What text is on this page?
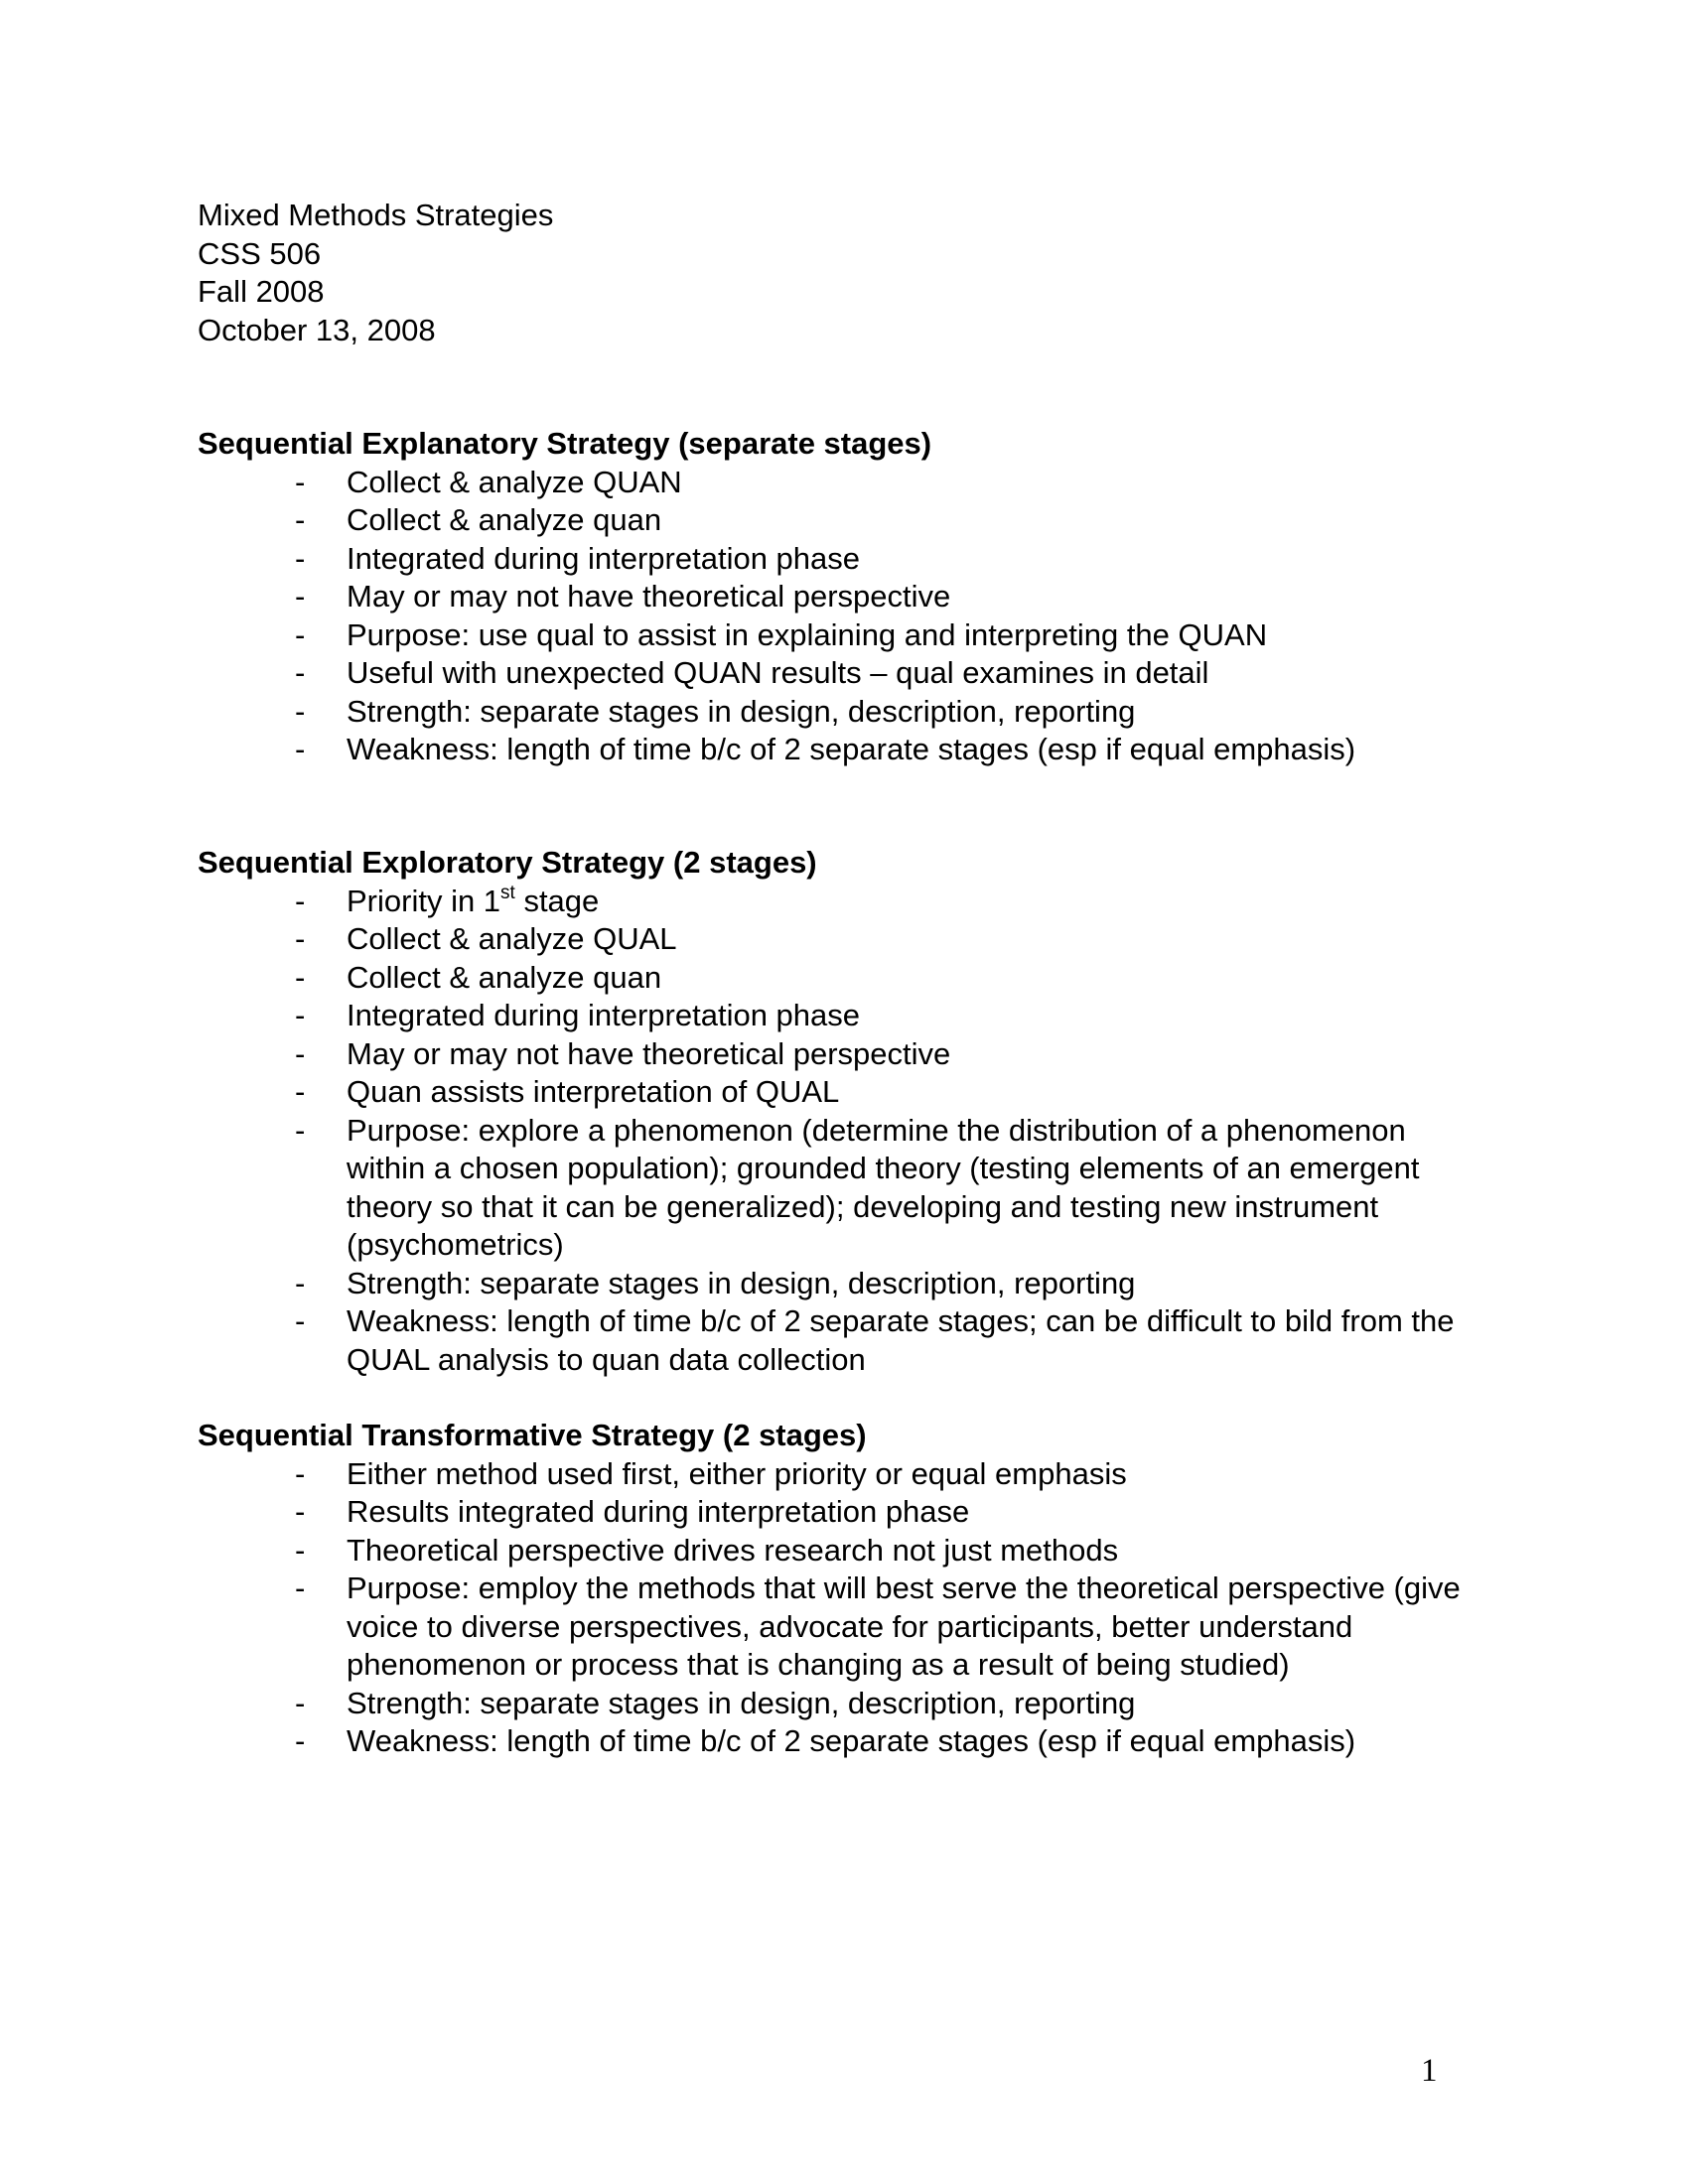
Mixed Methods Strategies
CSS 506
Fall 2008
October 13, 2008

Sequential Explanatory Strategy (separate stages)

- Collect & analyze QUAN
- Collect & analyze quan
- Integrated during interpretation phase
- May or may not have theoretical perspective
- Purpose: use qual to assist in explaining and interpreting the QUAN
- Useful with unexpected QUAN results – qual examines in detail
- Strength: separate stages in design, description, reporting
- Weakness: length of time b/c of 2 separate stages (esp if equal emphasis)

Sequential Exploratory Strategy (2 stages)

- Priority in 1st stage
- Collect & analyze QUAL
- Collect & analyze quan
- Integrated during interpretation phase
- May or may not have theoretical perspective
- Quan assists interpretation of QUAL
- Purpose: explore a phenomenon (determine the distribution of a phenomenon within a chosen population); grounded theory (testing elements of an emergent theory so that it can be generalized); developing and testing new instrument (psychometrics)
- Strength: separate stages in design, description, reporting
- Weakness: length of time b/c of 2 separate stages; can be difficult to bild from the QUAL analysis to quan data collection

Sequential Transformative Strategy (2 stages)

- Either method used first, either priority or equal emphasis
- Results integrated during interpretation phase
- Theoretical perspective drives research not just methods
- Purpose: employ the methods that will best serve the theoretical perspective (give voice to diverse perspectives, advocate for participants, better understand phenomenon or process that is changing as a result of being studied)
- Strength: separate stages in design, description, reporting
- Weakness: length of time b/c of 2 separate stages (esp if equal emphasis)
1
